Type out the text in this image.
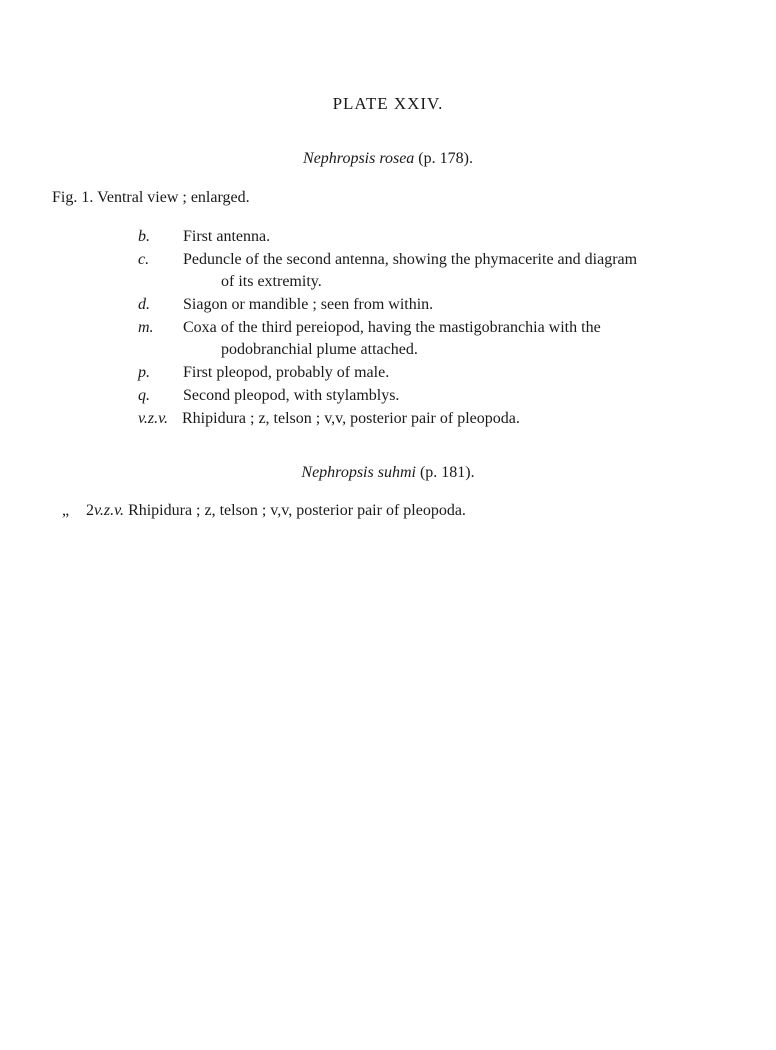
PLATE XXIV.
Nephropsis rosea (p. 178).
Fig. 1. Ventral view ; enlarged.
b.	First antenna.
c.	Peduncle of the second antenna, showing the phymacerite and diagram
of its extremity.
d.	Siagon or mandible ; seen from within.
m.	Coxa of the third pereiopod, having the mastigobranchia with the
podobranchial plume attached.
p.	First pleopod, probably of male.
q.	Second pleopod, with stylamblys.
v.z.v. Rhipidura ; z, telson ; v,v, posterior pair of pleopoda.
Nephropsis suhmi (p. 181).
„ 2v.z.v. Rhipidura ; z, telson ; v,v, posterior pair of pleopoda.
